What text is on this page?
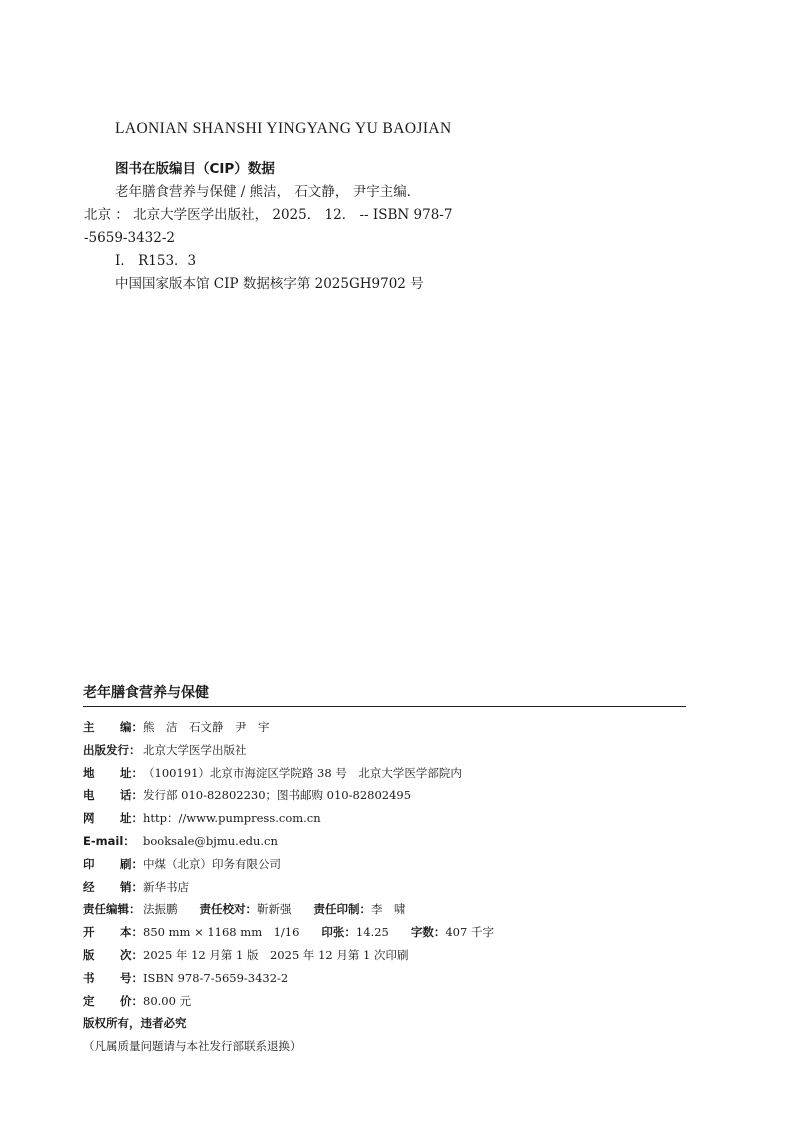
LAONIAN SHANSHI YINGYANG YU BAOJIAN
图书在版编目（CIP）数据
老年膳食营养与保健 / 熊洁， 石文静， 尹宇主编．
北京 ： 北京大学医学出版社， 2025． 12． -- ISBN 978-7
-5659-3432-2
Ⅰ． R153．3
中国国家版本馆 CIP 数据核字第 2025GH9702 号
老年膳食营养与保健
主 编： 熊　洁　石文静　尹　宇
出版发行： 北京大学医学出版社
地 址： （100191）北京市海淀区学院路 38 号　北京大学医学部院内
电 话： 发行部 010-82802230；图书邮购 010-82802495
网 址： http：//www.pumpress.com.cn
E-mail： booksale@bjmu.edu.cn
印 刷： 中煤（北京）印务有限公司
经 销： 新华书店
责任编辑： 法振鹏 责任校对： 靳新强 责任印制： 李　啸
开 本： 850 mm × 1168 mm　1/16 印张： 14.25 字数： 407 千字
版 次： 2025 年 12 月第 1 版　2025 年 12 月第 1 次印刷
书 号： ISBN 978-7-5659-3432-2
定 价： 80.00 元
版权所有，违者必究
（凡属质量问题请与本社发行部联系退换）
